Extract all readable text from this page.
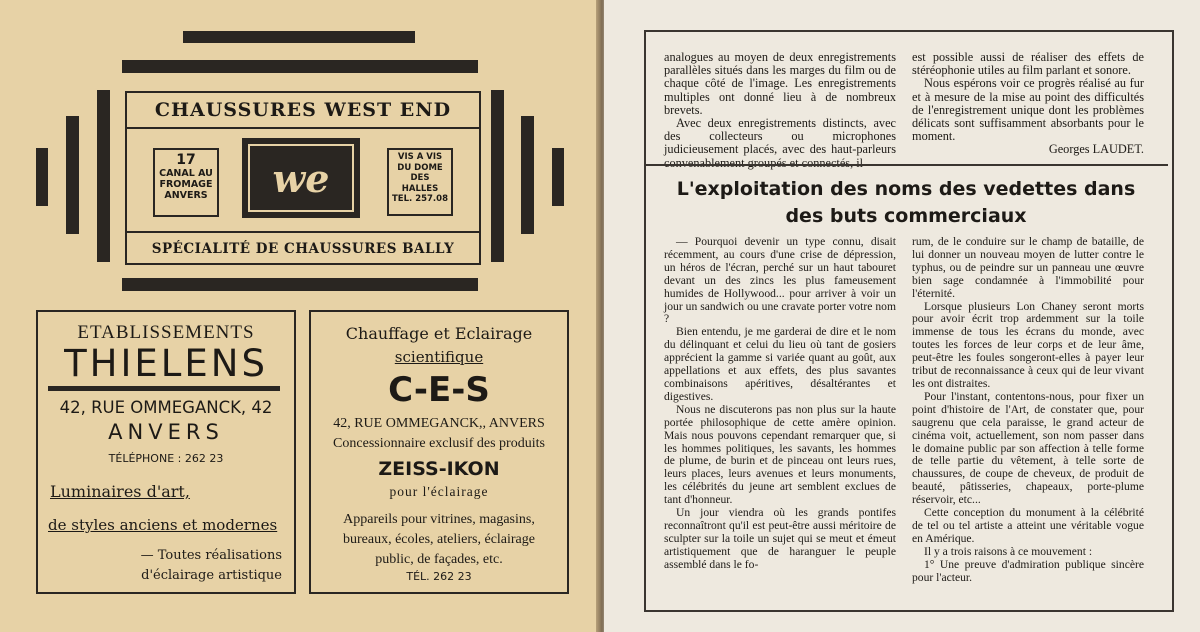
CHAUSSURES WEST END
SPÉCIALITÉ DE CHAUSSURES BALLY
17
CANAL AU
FROMAGE
ANVERS we	VIS A VIS
DU DOME
DES
HALLES
TEL. 257.08
ETABLISSEMENTS
THIELENS
42, RUE OMMEGANCK, 42
ANVERS
TÉLÉPHONE : 262 23
Luminaires d'art,
de styles anciens et modernes
— Toutes réalisations
d'éclairage artistique
Chauffage et Eclairage
scientifique
C-E-S
42, RUE OMMEGANCK,, ANVERS
Concessionnaire exclusif des produits
ZEISS-IKON
pour l'éclairage
Appareils pour vitrines, magasins,
bureaux, écoles, ateliers, éclairage
public, de façades, etc.
TÉL. 262 23

analogues au moyen de deux enregistrements parallèles situés dans les marges du film ou de chaque côté de l'image. Les enregistrements multiples ont donné lieu à de nombreux brevets.

Avec deux enregistrements distincts, avec des collecteurs ou microphones judicieusement placés, avec des haut-parleurs convenablement groupés et connectés, il

est possible aussi de réaliser des effets de stéréophonie utiles au film parlant et sonore.

Nous espérons voir ce progrès réalisé au fur et à mesure de la mise au point des difficultés de l'enregistrement unique dont les problèmes délicats sont suffisamment absorbants pour le moment.

Georges LAUDET.

L'exploitation des noms des vedettes dans
des buts commerciaux

— Pourquoi devenir un type connu, disait récemment, au cours d'une crise de dépression, un héros de l'écran, perché sur un haut tabouret devant un des zincs les plus fameusement humides de Hollywood... pour arriver à voir un jour un sandwich ou une cravate porter votre nom ?

Bien entendu, je me garderai de dire et le nom du délinquant et celui du lieu où tant de gosiers apprécient la gamme si variée quant au goût, aux appellations et aux effets, des plus savantes combinaisons apéritives, désaltérantes et digestives.

Nous ne discuterons pas non plus sur la haute portée philosophique de cette amère opinion. Mais nous pouvons cependant remarquer que, si les hommes politiques, les savants, les hommes de plume, de burin et de pinceau ont leurs rues, leurs places, leurs avenues et leurs monuments, les célébrités du jeune art semblent exclues de tant d'honneur.

Un jour viendra où les grands pontifes reconnaîtront qu'il est peut-être aussi méritoire de sculpter sur la toile un sujet qui se meut et émeut artistiquement que de haranguer le peuple assemblé dans le fo-

rum, de le conduire sur le champ de bataille, de lui donner un nouveau moyen de lutter contre le typhus, ou de peindre sur un panneau une œuvre bien sage condamnée à l'immobilité pour l'éternité.

Lorsque plusieurs Lon Chaney seront morts pour avoir écrit trop ardemment sur la toile immense de tous les écrans du monde, avec toutes les forces de leur corps et de leur âme, peut-être les foules songeront-elles à payer leur tribut de reconnaissance à ceux qui de leur vivant les ont distraites.

Pour l'instant, contentons-nous, pour fixer un point d'histoire de l'Art, de constater que, pour saugrenu que cela paraisse, le grand acteur de cinéma voit, actuellement, son nom passer dans le domaine public par son affection à telle forme de telle partie du vêtement, à telle sorte de chaussures, de coupe de cheveux, de produit de beauté, pâtisseries, chapeaux, porte-plume réservoir, etc...

Cette conception du monument à la célébrité de tel ou tel artiste a atteint une véritable vogue en Amérique.

Il y a trois raisons à ce mouvement :

1° Une preuve d'admiration publique sincère pour l'acteur.
